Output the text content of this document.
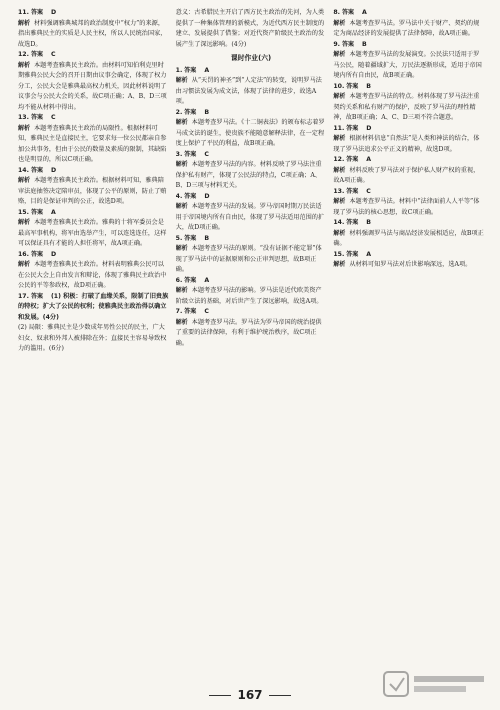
11. 答案 D
解析 材料强调雅典城邦的政治制度中“权力”的来源，指出雅典民主的实质是人民主权，所以人民统治国家，故选D。
12. 答案 C
解析 本题考查雅典民主政治。由材料可知伯利克里时期雅典公民大会的召开日期由议事会确定，体现了权力分工，公民大会是雅典最高权力机关，因此材料说明了议事会与公民大会的关系，故C项正确；A、B、D三项均不能从材料中得出。
13. 答案 C
解析 本题考查雅典民主政治的局限性。根据材料可知，雅典民主是直接民主，它要求每一位公民都亲自参加公共事务，但由于公民的数量及素质的限制，其缺陷也是明显的，所以C项正确。
14. 答案 D
解析 本题考查雅典民主政治。根据材料可知，雅典陪审法庭抽签决定陪审员，体现了公平的原则，防止了贿赂，目的是保证审判的公正，故选D项。
15. 答案 A
解析 本题考查雅典民主政治。雅典的十将军委员会是最高军事机构，将军由选举产生，可以连选连任，这样可以保证具有才能的人担任将军，故A项正确。
16. 答案 D
解析 本题考查雅典民主政治。材料表明雅典公民可以在公民大会上自由发言和辩论，体现了雅典民主政治中公民的平等参政权，故D项正确。
17. 答案 (1) 积极：打破了血缘关系，限制了旧贵族的特权；扩大了公民的权利；使雅典民主政治得以确立和发展。(4分)
(2) 局限：雅典民主是少数成年男性公民的民主，广大妇女、奴隶和外邦人被排除在外；直接民主容易导致权力的滥用。(6分)
意义：古希腊民主开启了西方民主政治的先河，为人类提供了一种集体管理的新模式，为近代西方民主制度的建立、发展提供了借鉴；对近代资产阶级民主政治的发展产生了深远影响。(4分)
课时作业(六)
1. 答案 A
解析 从“天罚的神圣”到“人定法”的转变，说明罗马法由习惯法发展为成文法，体现了法律的进步，故选A项。
2. 答案 B
解析 本题考查罗马法。《十二铜表法》的颁布标志着罗马成文法的诞生，使贵族不能随意解释法律，在一定程度上保护了平民的利益，故B项正确。
3. 答案 C
解析 本题考查罗马法的内容。材料反映了罗马法注重保护私有财产，体现了公民法的特点，C项正确；A、B、D三项与材料无关。
4. 答案 D
解析 本题考查罗马法的发展。罗马帝国时期万民法适用于帝国境内所有自由民，体现了罗马法适用范围的扩大，故D项正确。
5. 答案 B
解析 本题考查罗马法的原则。“没有证据不能定罪”体现了罗马法中的证据原则和公正审判思想，故B项正确。
6. 答案 A
解析 本题考查罗马法的影响。罗马法是近代欧美资产阶级立法的基础，对后世产生了深远影响，故选A项。
7. 答案 C
解析 本题考查罗马法。罗马法为罗马帝国的统治提供了重要的法律保障，有利于维护统治秩序，故C项正确。
8. 答案 A
解析 本题考查罗马法。罗马法中关于财产、契约的规定为商品经济的发展提供了法律保障，故A项正确。
9. 答案 B
解析 本题考查罗马法的发展演变。公民法只适用于罗马公民，随着疆域扩大，万民法逐渐形成，适用于帝国境内所有自由民，故B项正确。
10. 答案 B
解析 本题考查罗马法的特点。材料体现了罗马法注重契约关系和私有财产的保护，反映了罗马法的理性精神，故B项正确；A、C、D三项不符合题意。
11. 答案 D
解析 根据材料信息“自然法”是人类和神法的结合，体现了罗马法追求公平正义的精神，故选D项。
12. 答案 A
解析 材料反映了罗马法对于保护私人财产权的重视，故A项正确。
13. 答案 C
解析 本题考查罗马法。材料中“法律面前人人平等”体现了罗马法的核心思想，故C项正确。
14. 答案 B
解析 材料强调罗马法与商品经济发展相适应，故B项正确。
15. 答案 A
解析 从材料可知罗马法对后世影响深远，选A项。
167
